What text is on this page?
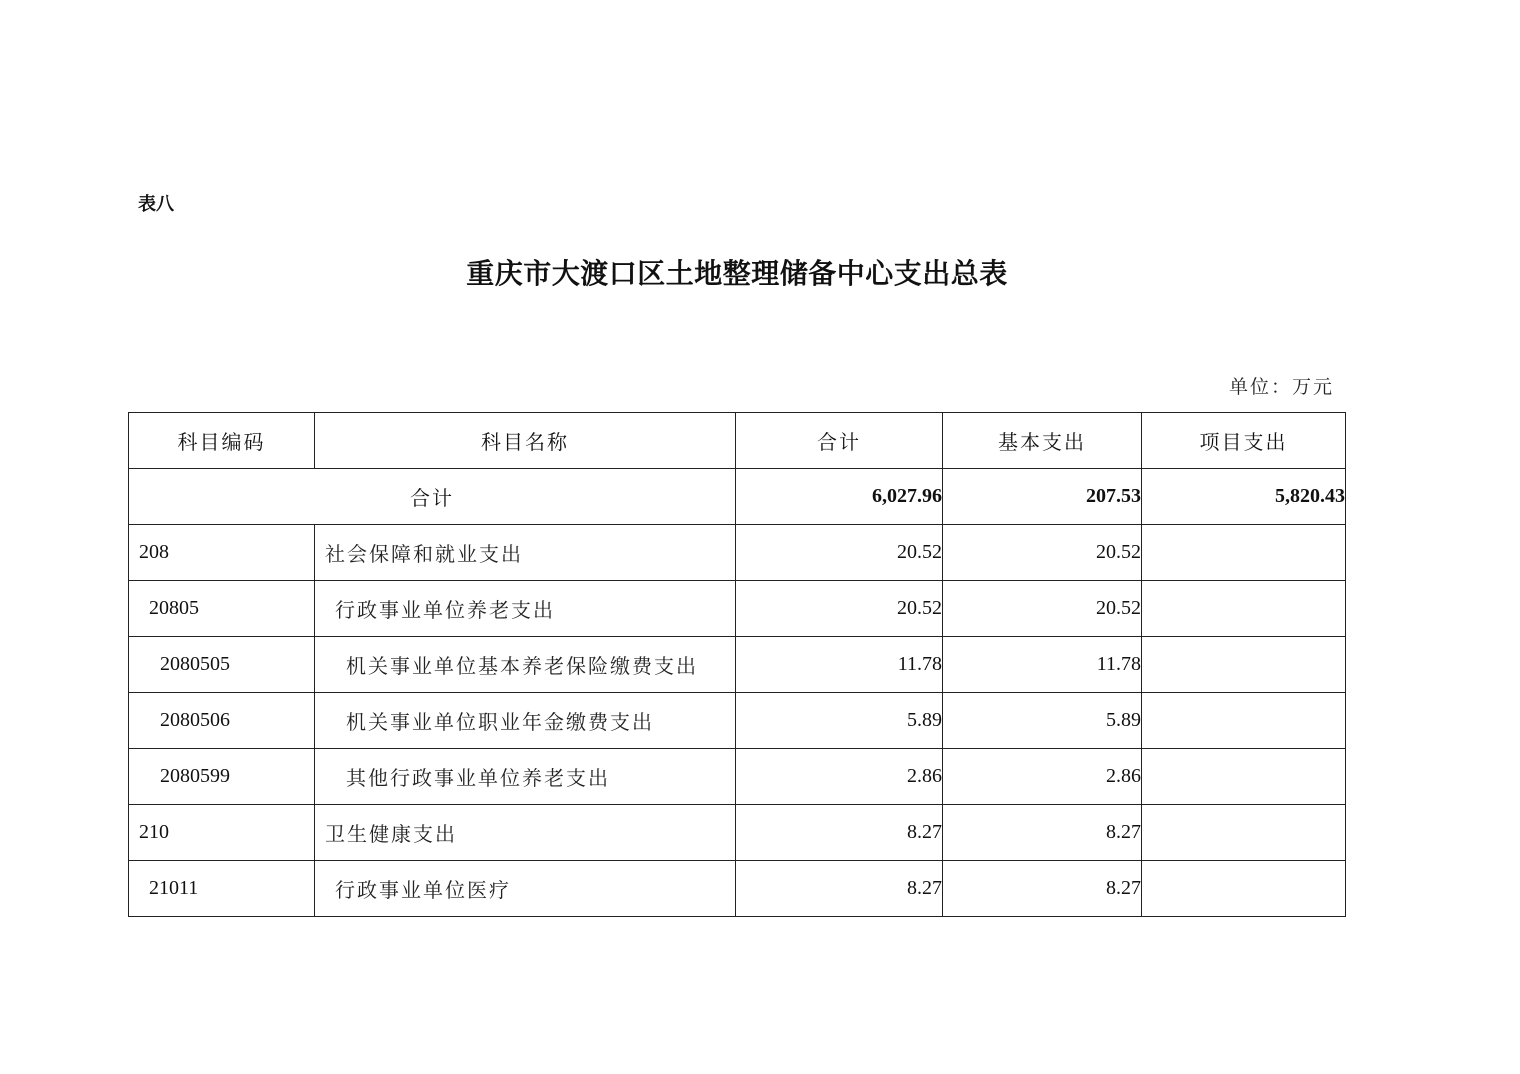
表八
重庆市大渡口区土地整理储备中心支出总表
单位：万元
科目编码	科目名称	合计	基本支出	项目支出
合计		6,027.96	207.53	5,820.43
208	社会保障和就业支出	20.52	20.52	
20805	行政事业单位养老支出	20.52	20.52	
2080505	机关事业单位基本养老保险缴费支出	11.78	11.78	
2080506	机关事业单位职业年金缴费支出	5.89	5.89	
2080599	其他行政事业单位养老支出	2.86	2.86	
210	卫生健康支出	8.27	8.27	
21011	行政事业单位医疗	8.27	8.27	
